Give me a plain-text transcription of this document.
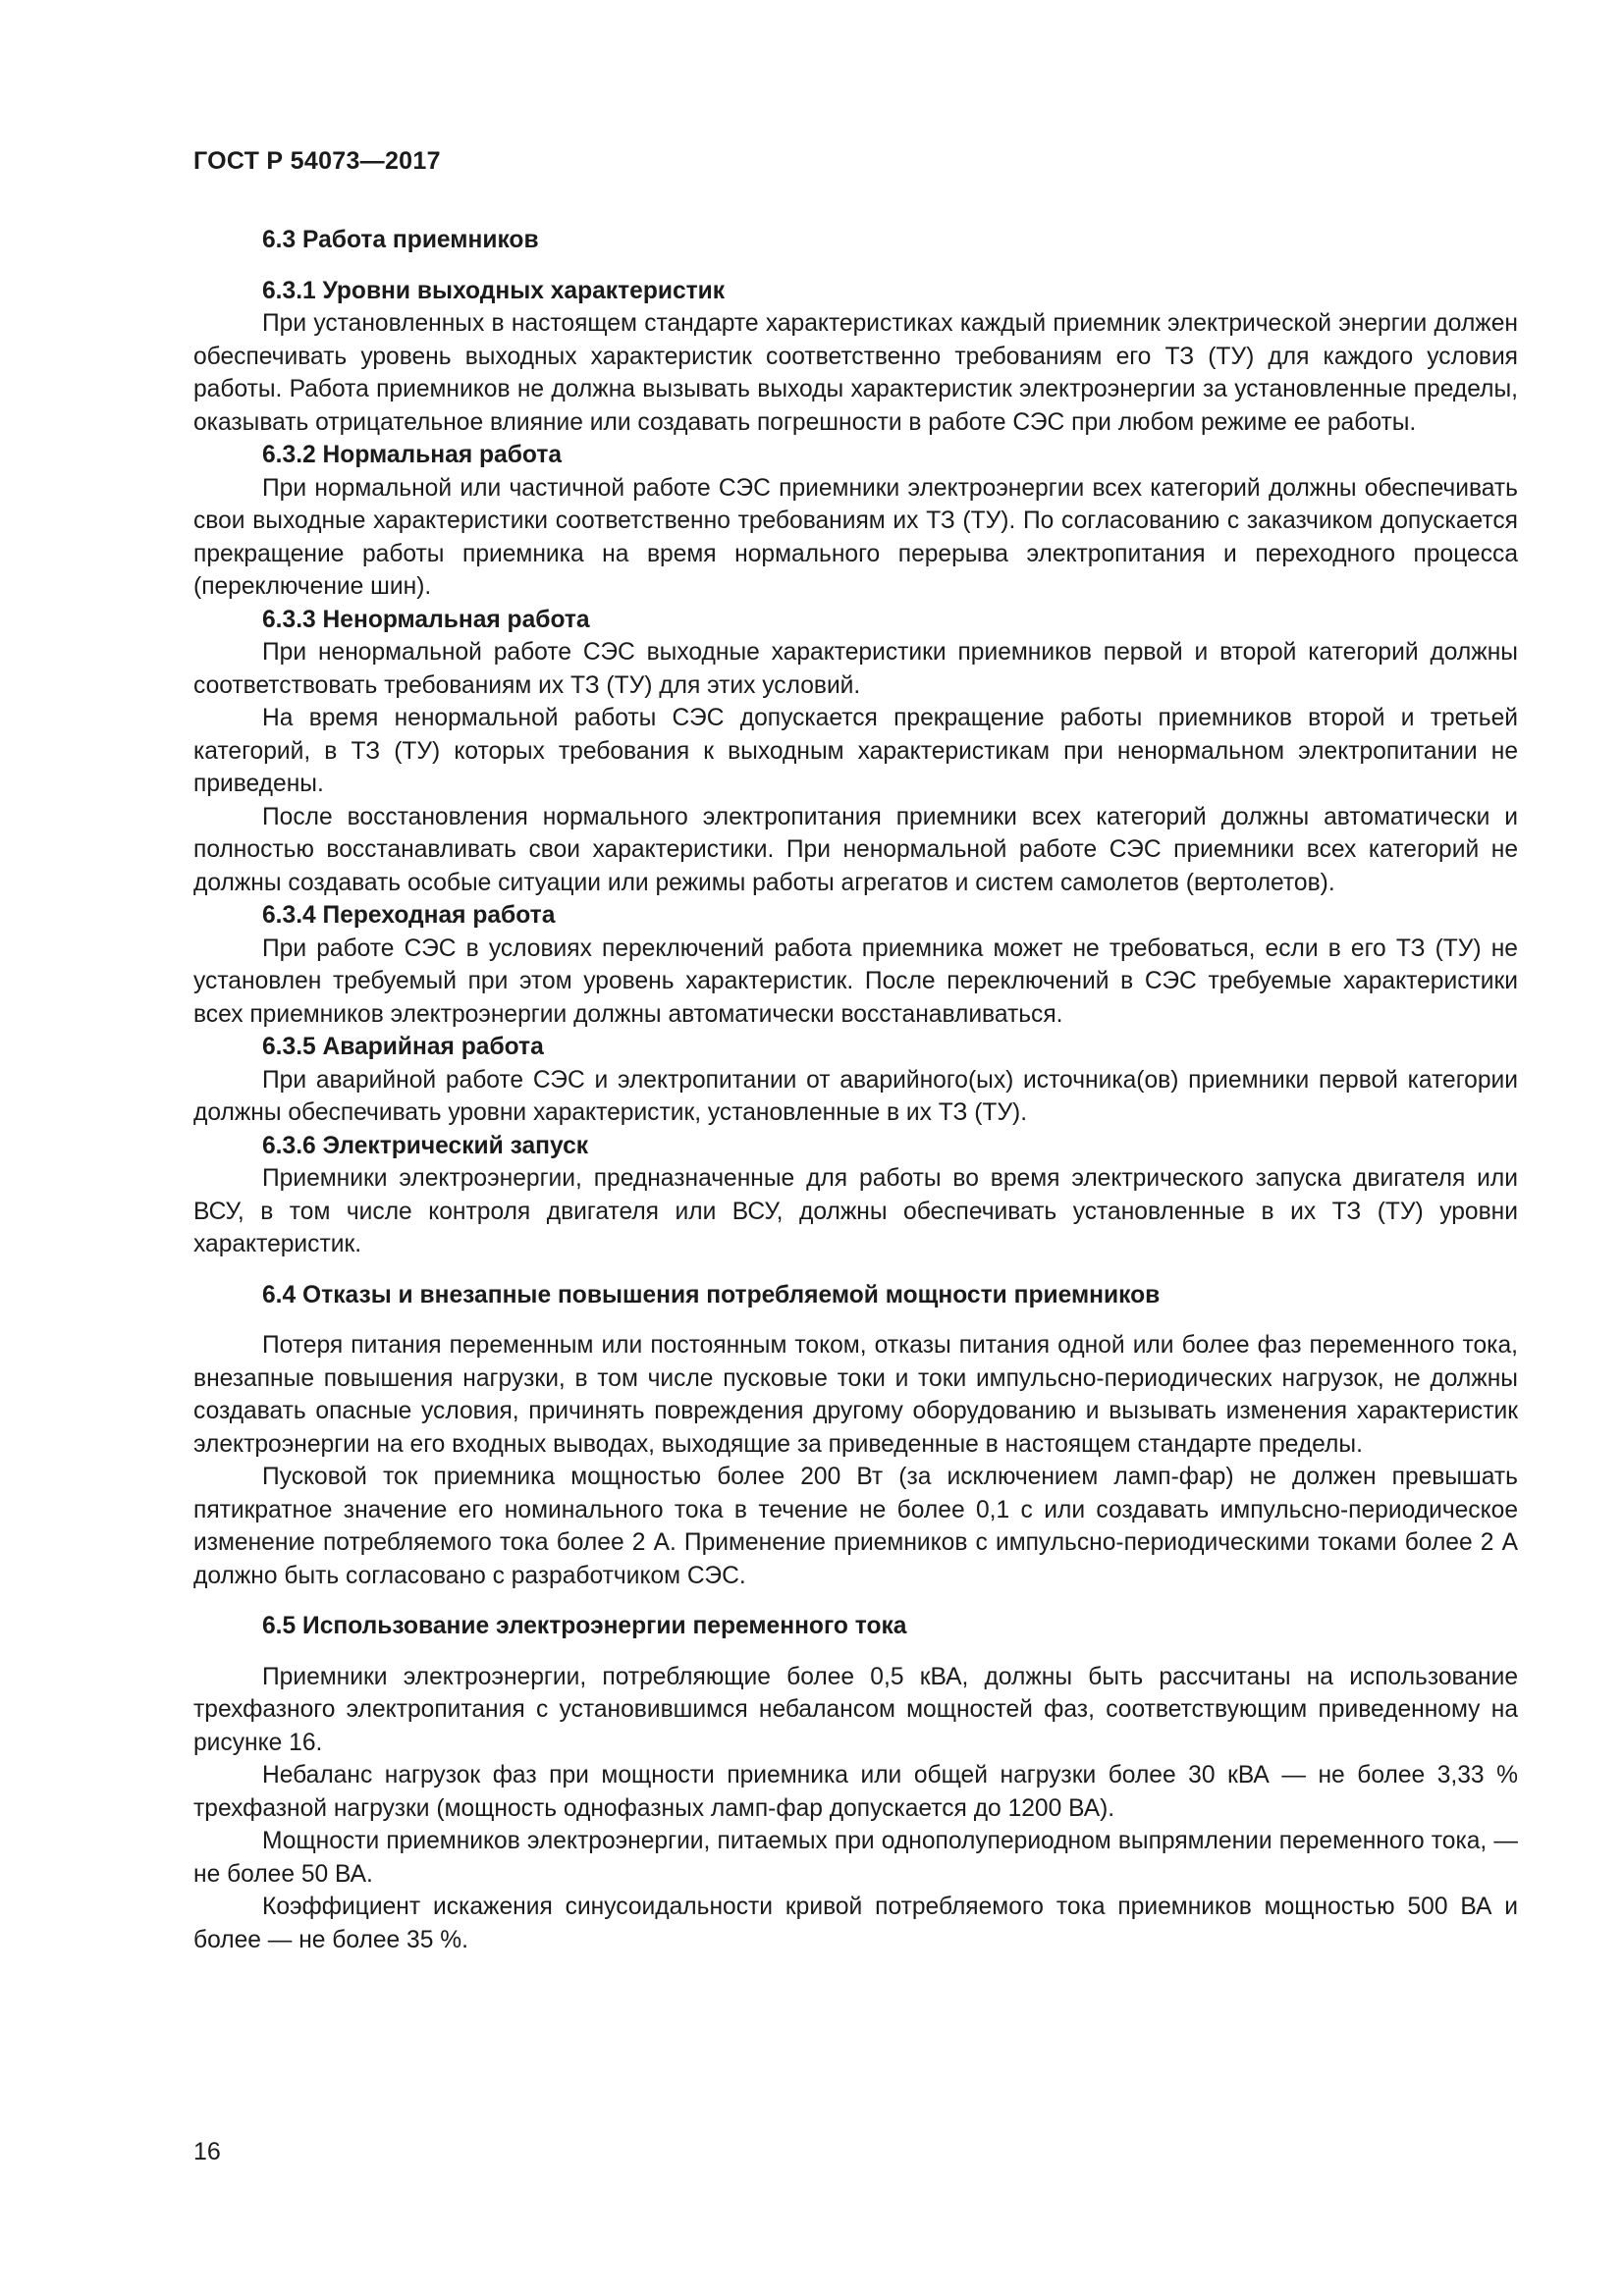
ГОСТ Р 54073—2017
6.3 Работа приемников
6.3.1 Уровни выходных характеристик

При установленных в настоящем стандарте характеристиках каждый приемник электрической энергии должен обеспечивать уровень выходных характеристик соответственно требованиям его ТЗ (ТУ) для каждого условия работы. Работа приемников не должна вызывать выходы характеристик электроэнергии за установленные пределы, оказывать отрицательное влияние или создавать погрешности в работе СЭС при любом режиме ее работы.

6.3.2 Нормальная работа

При нормальной или частичной работе СЭС приемники электроэнергии всех категорий должны обеспечивать свои выходные характеристики соответственно требованиям их ТЗ (ТУ). По согласованию с заказчиком допускается прекращение работы приемника на время нормального перерыва электропитания и переходного процесса (переключение шин).

6.3.3 Ненормальная работа

При ненормальной работе СЭС выходные характеристики приемников первой и второй категорий должны соответствовать требованиям их ТЗ (ТУ) для этих условий.

На время ненормальной работы СЭС допускается прекращение работы приемников второй и третьей категорий, в ТЗ (ТУ) которых требования к выходным характеристикам при ненормальном электропитании не приведены.

После восстановления нормального электропитания приемники всех категорий должны автоматически и полностью восстанавливать свои характеристики. При ненормальной работе СЭС приемники всех категорий не должны создавать особые ситуации или режимы работы агрегатов и систем самолетов (вертолетов).

6.3.4 Переходная работа

При работе СЭС в условиях переключений работа приемника может не требоваться, если в его ТЗ (ТУ) не установлен требуемый при этом уровень характеристик. После переключений в СЭС требуемые характеристики всех приемников электроэнергии должны автоматически восстанавливаться.

6.3.5 Аварийная работа

При аварийной работе СЭС и электропитании от аварийного(ых) источника(ов) приемники первой категории должны обеспечивать уровни характеристик, установленные в их ТЗ (ТУ).

6.3.6 Электрический запуск

Приемники электроэнергии, предназначенные для работы во время электрического запуска двигателя или ВСУ, в том числе контроля двигателя или ВСУ, должны обеспечивать установленные в их ТЗ (ТУ) уровни характеристик.

6.4 Отказы и внезапные повышения потребляемой мощности приемников

Потеря питания переменным или постоянным током, отказы питания одной или более фаз переменного тока, внезапные повышения нагрузки, в том числе пусковые токи и токи импульсно-периодических нагрузок, не должны создавать опасные условия, причинять повреждения другому оборудованию и вызывать изменения характеристик электроэнергии на его входных выводах, выходящие за приведенные в настоящем стандарте пределы.

Пусковой ток приемника мощностью более 200 Вт (за исключением ламп-фар) не должен превышать пятикратное значение его номинального тока в течение не более 0,1 с или создавать импульсно-периодическое изменение потребляемого тока более 2 А. Применение приемников с импульсно-периодическими токами более 2 А должно быть согласовано с разработчиком СЭС.

6.5 Использование электроэнергии переменного тока

Приемники электроэнергии, потребляющие более 0,5 кВА, должны быть рассчитаны на использование трехфазного электропитания с установившимся небалансом мощностей фаз, соответствующим приведенному на рисунке 16.

Небаланс нагрузок фаз при мощности приемника или общей нагрузки более 30 кВА — не более 3,33 % трехфазной нагрузки (мощность однофазных ламп-фар допускается до 1200 ВА).

Мощности приемников электроэнергии, питаемых при однополупериодном выпрямлении переменного тока, — не более 50 ВА.

Коэффициент искажения синусоидальности кривой потребляемого тока приемников мощностью 500 ВА и более — не более 35 %.

16
